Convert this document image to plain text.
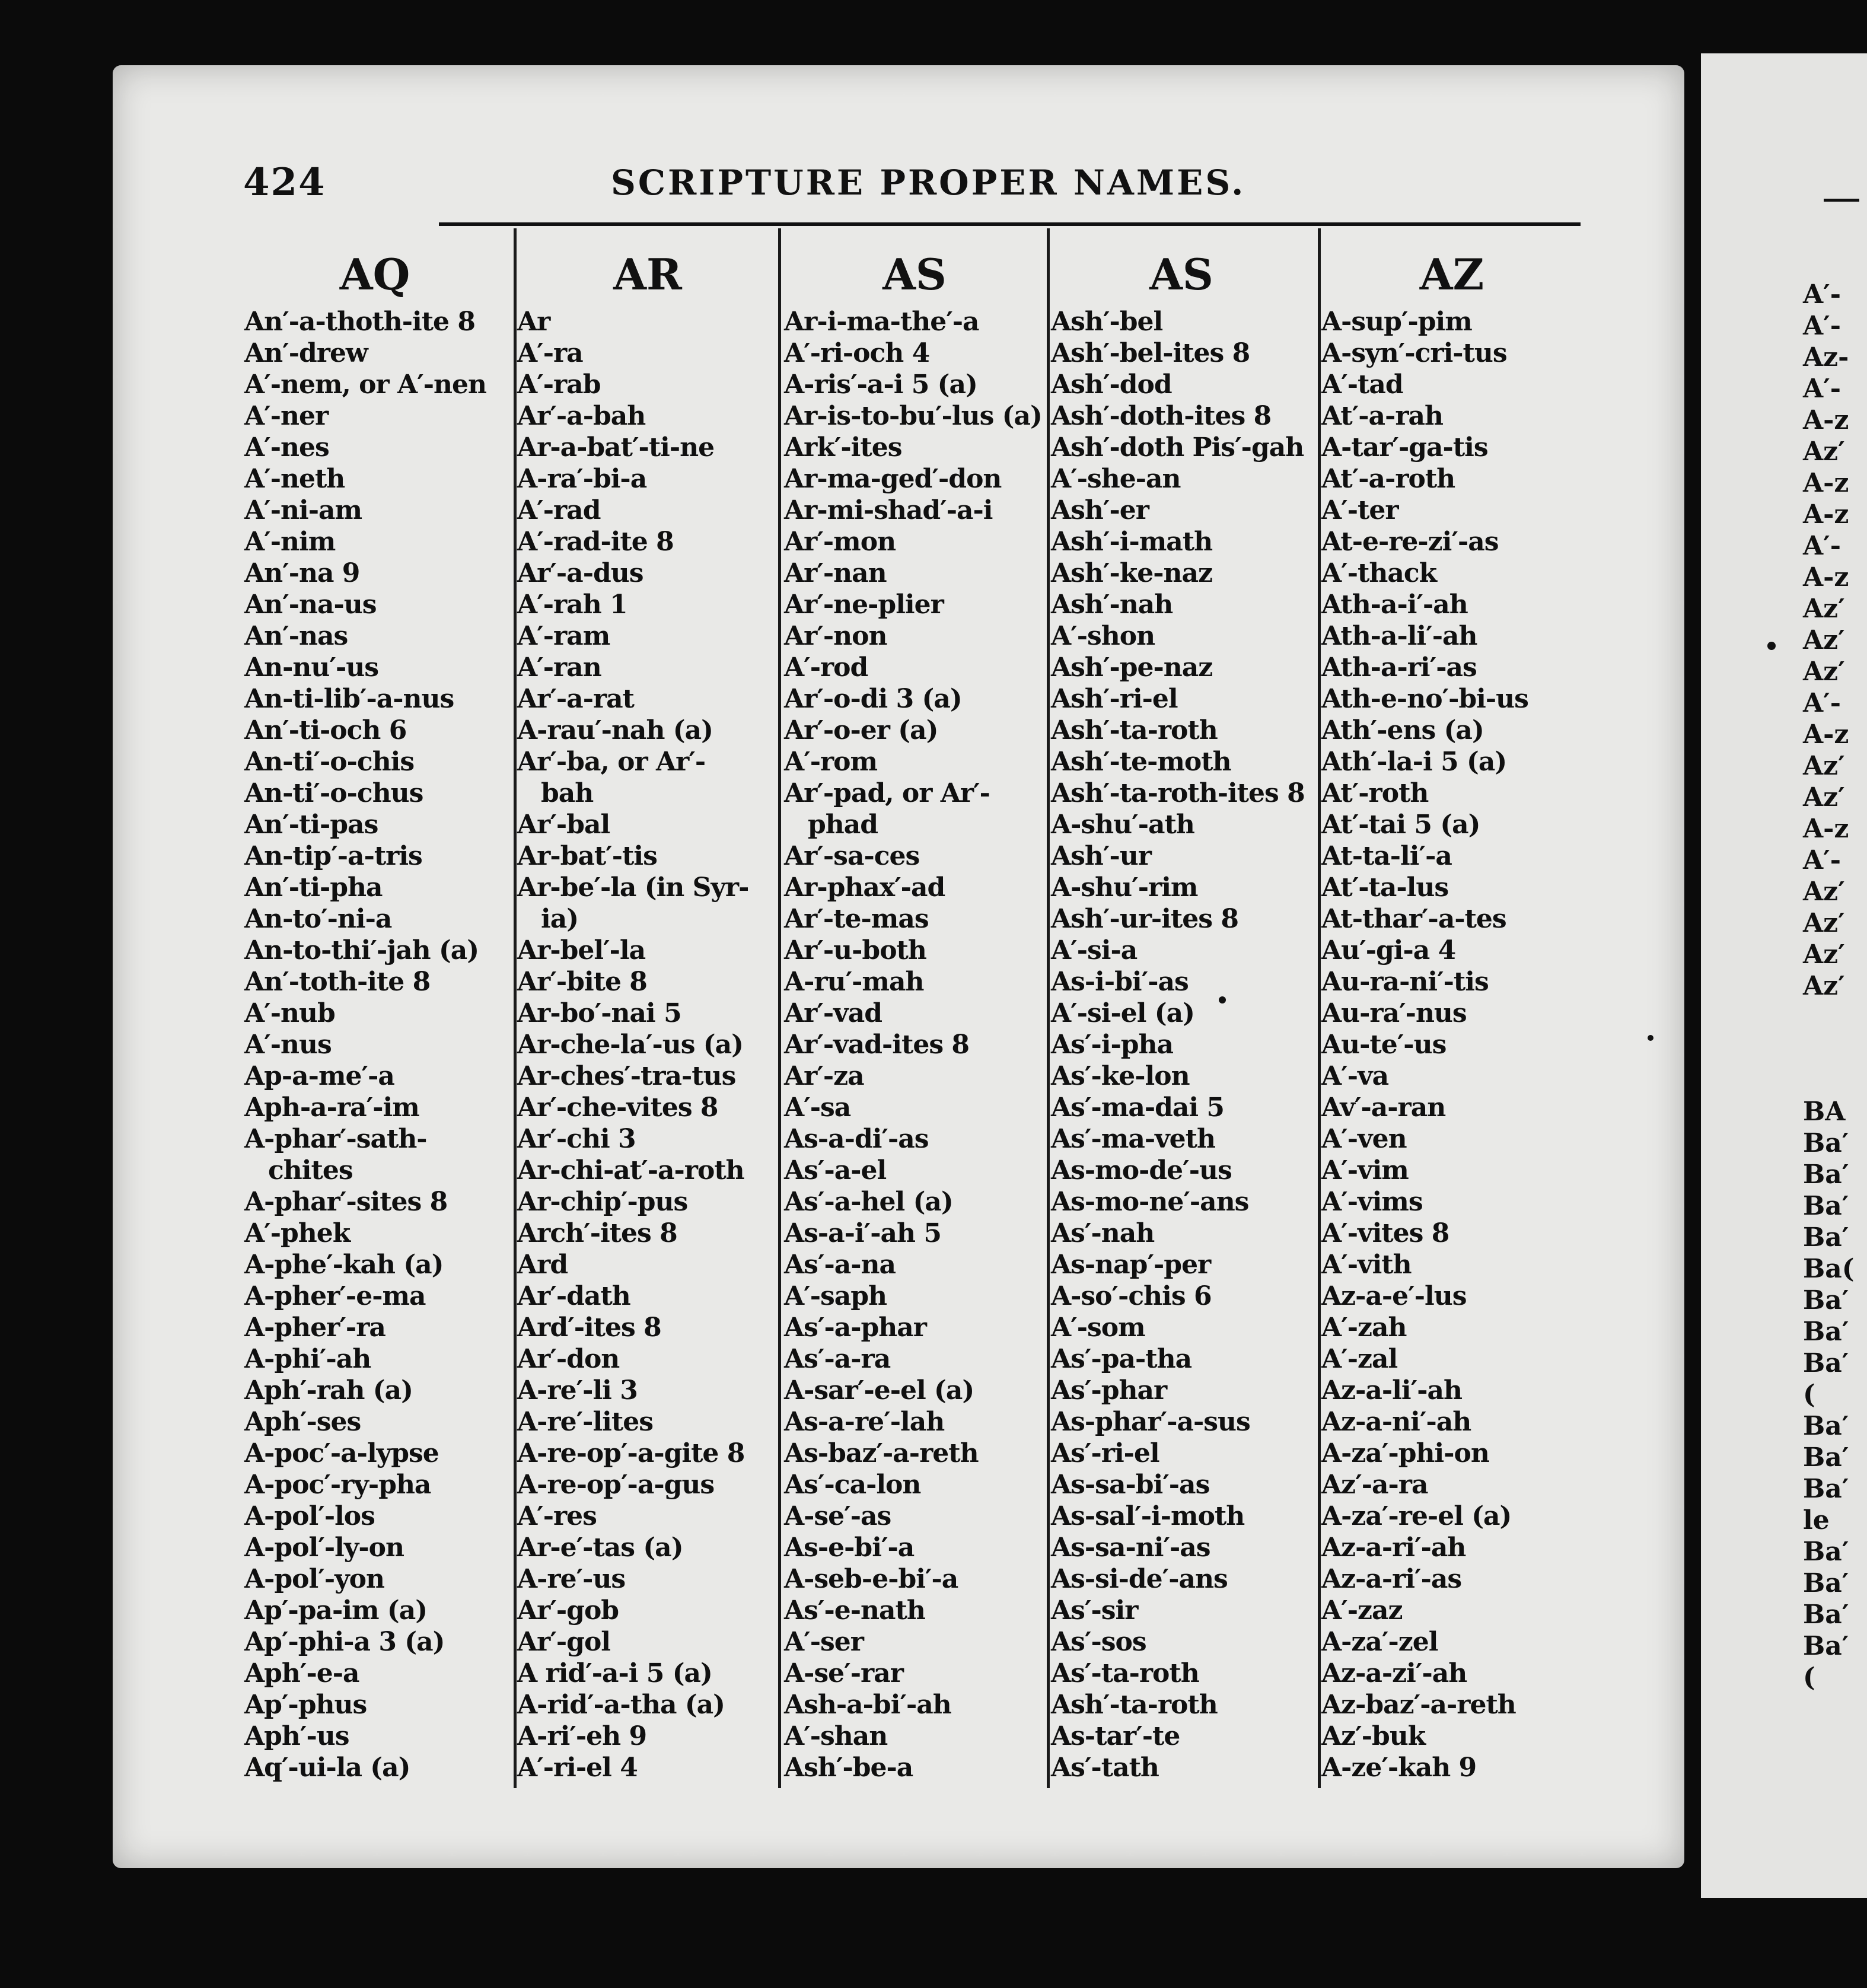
424	SCRIPTURE PROPER NAMES.
AQ
An′-a-thoth-ite 8
An′-drew
A′-nem, or A′-nen
A′-ner
A′-nes
A′-neth
A′-ni-am
A′-nim
An′-na 9
An′-na-us
An′-nas
An-nu′-us
An-ti-lib′-a-nus
An′-ti-och 6
An-ti′-o-chis
An-ti′-o-chus
An′-ti-pas
An-tip′-a-tris
An′-ti-pha
An-to′-ni-a
An-to-thi′-jah (a)
An′-toth-ite 8
A′-nub
A′-nus
Ap-a-me′-a
Aph-a-ra′-im
A-phar′-sath-
chites
A-phar′-sites 8
A′-phek
A-phe′-kah (a)
A-pher′-e-ma
A-pher′-ra
A-phi′-ah
Aph′-rah (a)
Aph′-ses
A-poc′-a-lypse
A-poc′-ry-pha
A-pol′-los
A-pol′-ly-on
A-pol′-yon
Ap′-pa-im (a)
Ap′-phi-a 3 (a)
Aph′-e-a
Ap′-phus
Aph′-us
Aq′-ui-la (a)
AR
Ar
A′-ra
A′-rab
Ar′-a-bah
Ar-a-bat′-ti-ne
A-ra′-bi-a
A′-rad
A′-rad-ite 8
Ar′-a-dus
A′-rah 1
A′-ram
A′-ran
Ar′-a-rat
A-rau′-nah (a)
Ar′-ba, or Ar′-
bah
Ar′-bal
Ar-bat′-tis
Ar-be′-la (in Syr-
ia)
Ar-bel′-la
Ar′-bite 8
Ar-bo′-nai 5
Ar-che-la′-us (a)
Ar-ches′-tra-tus
Ar′-che-vites 8
Ar′-chi 3
Ar-chi-at′-a-roth
Ar-chip′-pus
Arch′-ites 8
Ard
Ar′-dath
Ard′-ites 8
Ar′-don
A-re′-li 3
A-re′-lites
A-re-op′-a-gite 8
A-re-op′-a-gus
A′-res
Ar-e′-tas (a)
A-re′-us
Ar′-gob
Ar′-gol
A rid′-a-i 5 (a)
A-rid′-a-tha (a)
A-ri′-eh 9
A′-ri-el 4
AS
Ar-i-ma-the′-a
A′-ri-och 4
A-ris′-a-i 5 (a)
Ar-is-to-bu′-lus (a)
Ark′-ites
Ar-ma-ged′-don
Ar-mi-shad′-a-i
Ar′-mon
Ar′-nan
Ar′-ne-plier
Ar′-non
A′-rod
Ar′-o-di 3 (a)
Ar′-o-er (a)
A′-rom
Ar′-pad, or Ar′-
phad
Ar′-sa-ces
Ar-phax′-ad
Ar′-te-mas
Ar′-u-both
A-ru′-mah
Ar′-vad
Ar′-vad-ites 8
Ar′-za
A′-sa
As-a-di′-as
As′-a-el
As′-a-hel (a)
As-a-i′-ah 5
As′-a-na
A′-saph
As′-a-phar
As′-a-ra
A-sar′-e-el (a)
As-a-re′-lah
As-baz′-a-reth
As′-ca-lon
A-se′-as
As-e-bi′-a
A-seb-e-bi′-a
As′-e-nath
A′-ser
A-se′-rar
Ash-a-bi′-ah
A′-shan
Ash′-be-a
AS
Ash′-bel
Ash′-bel-ites 8
Ash′-dod
Ash′-doth-ites 8
Ash′-doth Pis′-gah
A′-she-an
Ash′-er
Ash′-i-math
Ash′-ke-naz
Ash′-nah
A′-shon
Ash′-pe-naz
Ash′-ri-el
Ash′-ta-roth
Ash′-te-moth
Ash′-ta-roth-ites 8
A-shu′-ath
Ash′-ur
A-shu′-rim
Ash′-ur-ites 8
A′-si-a
As-i-bi′-as
A′-si-el (a)
As′-i-pha
As′-ke-lon
As′-ma-dai 5
As′-ma-veth
As-mo-de′-us
As-mo-ne′-ans
As′-nah
As-nap′-per
A-so′-chis 6
A′-som
As′-pa-tha
As′-phar
As-phar′-a-sus
As′-ri-el
As-sa-bi′-as
As-sal′-i-moth
As-sa-ni′-as
As-si-de′-ans
As′-sir
As′-sos
As′-ta-roth
Ash′-ta-roth
As-tar′-te
As′-tath
AZ
A-sup′-pim
A-syn′-cri-tus
A′-tad
At′-a-rah
A-tar′-ga-tis
At′-a-roth
A′-ter
At-e-re-zi′-as
A′-thack
Ath-a-i′-ah
Ath-a-li′-ah
Ath-a-ri′-as
Ath-e-no′-bi-us
Ath′-ens (a)
Ath′-la-i 5 (a)
At′-roth
At′-tai 5 (a)
At-ta-li′-a
At′-ta-lus
At-thar′-a-tes
Au′-gi-a 4
Au-ra-ni′-tis
Au-ra′-nus
Au-te′-us
A′-va
Av′-a-ran
A′-ven
A′-vim
A′-vims
A′-vites 8
A′-vith
Az-a-e′-lus
A′-zah
A′-zal
Az-a-li′-ah
Az-a-ni′-ah
A-za′-phi-on
Az′-a-ra
A-za′-re-el (a)
Az-a-ri′-ah
Az-a-ri′-as
A′-zaz
A-za′-zel
Az-a-zi′-ah
Az-baz′-a-reth
Az′-buk
A-ze′-kah 9
A′-
A′-
Az-
A′-
A-z
Az′
A-z
A-z
A′-
A-z
Az′
Az′
Az′
A′-
A-z
Az′
Az′
A-z
A′-
Az′
Az′
Az′
Az′
BA
Ba′
Ba′
Ba′
Ba′
Ba(
Ba′
Ba′
Ba′
(
Ba′
Ba′
Ba′
le
Ba′
Ba′
Ba′
Ba′
(
